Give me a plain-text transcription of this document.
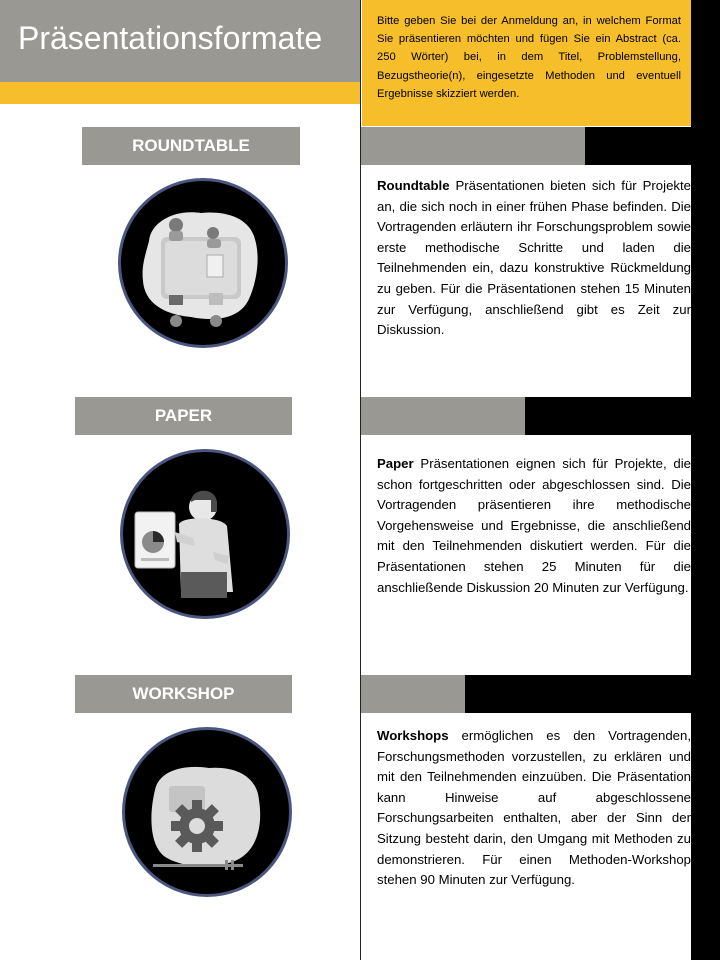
Präsentationsformate	Bitte geben Sie bei der Anmeldung an, in welchem Format Sie präsentieren möchten und fügen Sie ein Abstract (ca. 250 Wörter) bei, in dem Titel, Problemstellung, Bezugstheorie(n), eingesetzte Methoden und eventuell Ergebnisse skizziert werden.
ROUNDTABLE
Roundtable Präsentationen bieten sich für Projekte an, die sich noch in einer frühen Phase befinden. Die Vortragenden erläutern ihr Forschungsproblem sowie erste methodische Schritte und laden die Teilnehmenden ein, dazu konstruktive Rückmeldung zu geben. Für die Präsentationen stehen 15 Minuten zur Verfügung, anschließend gibt es Zeit zur Diskussion.
PAPER
Paper Präsentationen eignen sich für Projekte, die schon fortgeschritten oder abgeschlossen sind. Die Vortragenden präsentieren ihre methodische Vorgehensweise und Ergebnisse, die anschließend mit den Teilnehmenden diskutiert werden. Für die Präsentationen stehen 25 Minuten für die anschließende Diskussion 20 Minuten zur Verfügung.
WORKSHOP
Workshops ermöglichen es den Vortragenden, Forschungsmethoden vorzustellen, zu erklären und mit den Teilnehmenden einzuüben. Die Präsentation kann Hinweise auf abgeschlossene Forschungsarbeiten enthalten, aber der Sinn der Sitzung besteht darin, den Umgang mit Methoden zu demonstrieren. Für einen Methoden-Workshop stehen 90 Minuten zur Verfügung.
